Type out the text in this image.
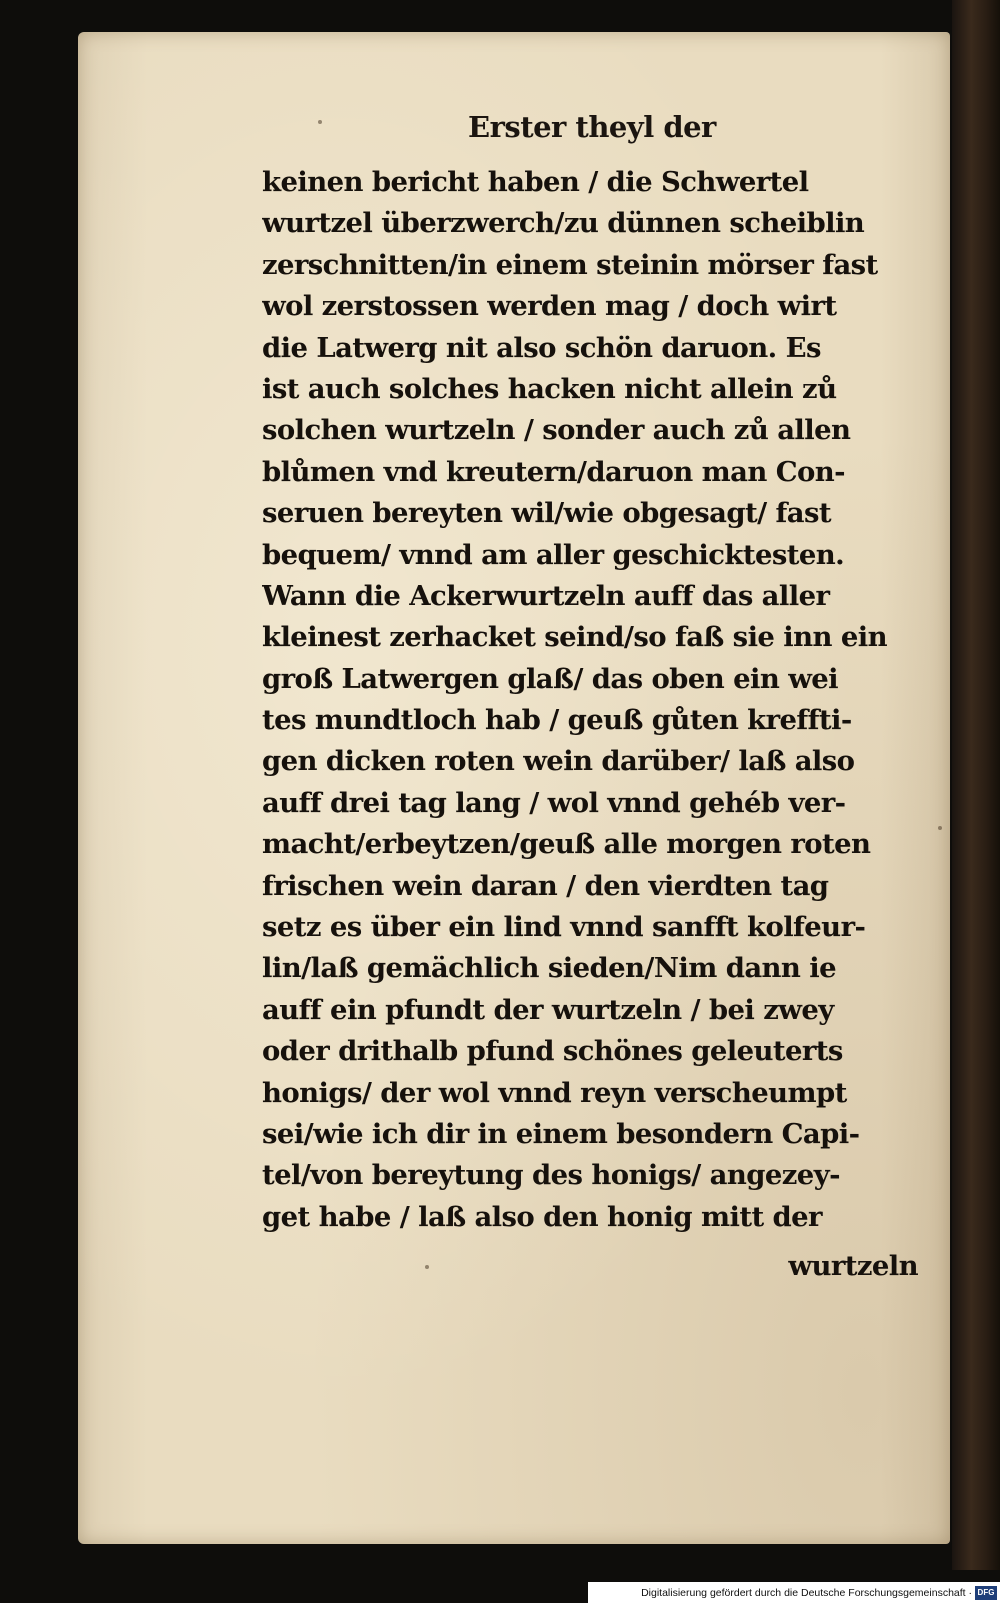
Erster theyl der
keinen bericht haben / die Schwertel
wurtzel überzwerch/zu dünnen scheiblin
zerschnitten/in einem steinin mörser fast
wol zerstossen werden mag / doch wirt
die Latwerg nit also schön daruon. Es
ist auch solches hacken nicht allein zů
solchen wurtzeln / sonder auch zů allen
blůmen vnd kreutern/daruon man Con-
seruen bereyten wil/wie obgesagt/ fast
bequem/ vnnd am aller geschicktesten.
Wann die Ackerwurtzeln auff das aller
kleinest zerhacket seind/so faß sie inn ein
groß Latwergen glaß/ das oben ein wei
tes mundtloch hab / geuß gůten kreffti-
gen dicken roten wein darüber/ laß also
auff drei tag lang / wol vnnd gehéb ver-
macht/erbeytzen/geuß alle morgen roten
frischen wein daran / den vierdten tag
setz es über ein lind vnnd sanfft kolfeur-
lin/laß gemächlich sieden/Nim dann ie
auff ein pfundt der wurtzeln / bei zwey
oder drithalb pfund schönes geleuterts
honigs/ der wol vnnd reyn verscheumpt
sei/wie ich dir in einem besondern Capi-
tel/von bereytung des honigs/ angezey-
get habe / laß also den honig mitt der
wurtzeln
Digitalisierung gefördert durch die Deutsche Forschungsgemeinschaft · DFG
